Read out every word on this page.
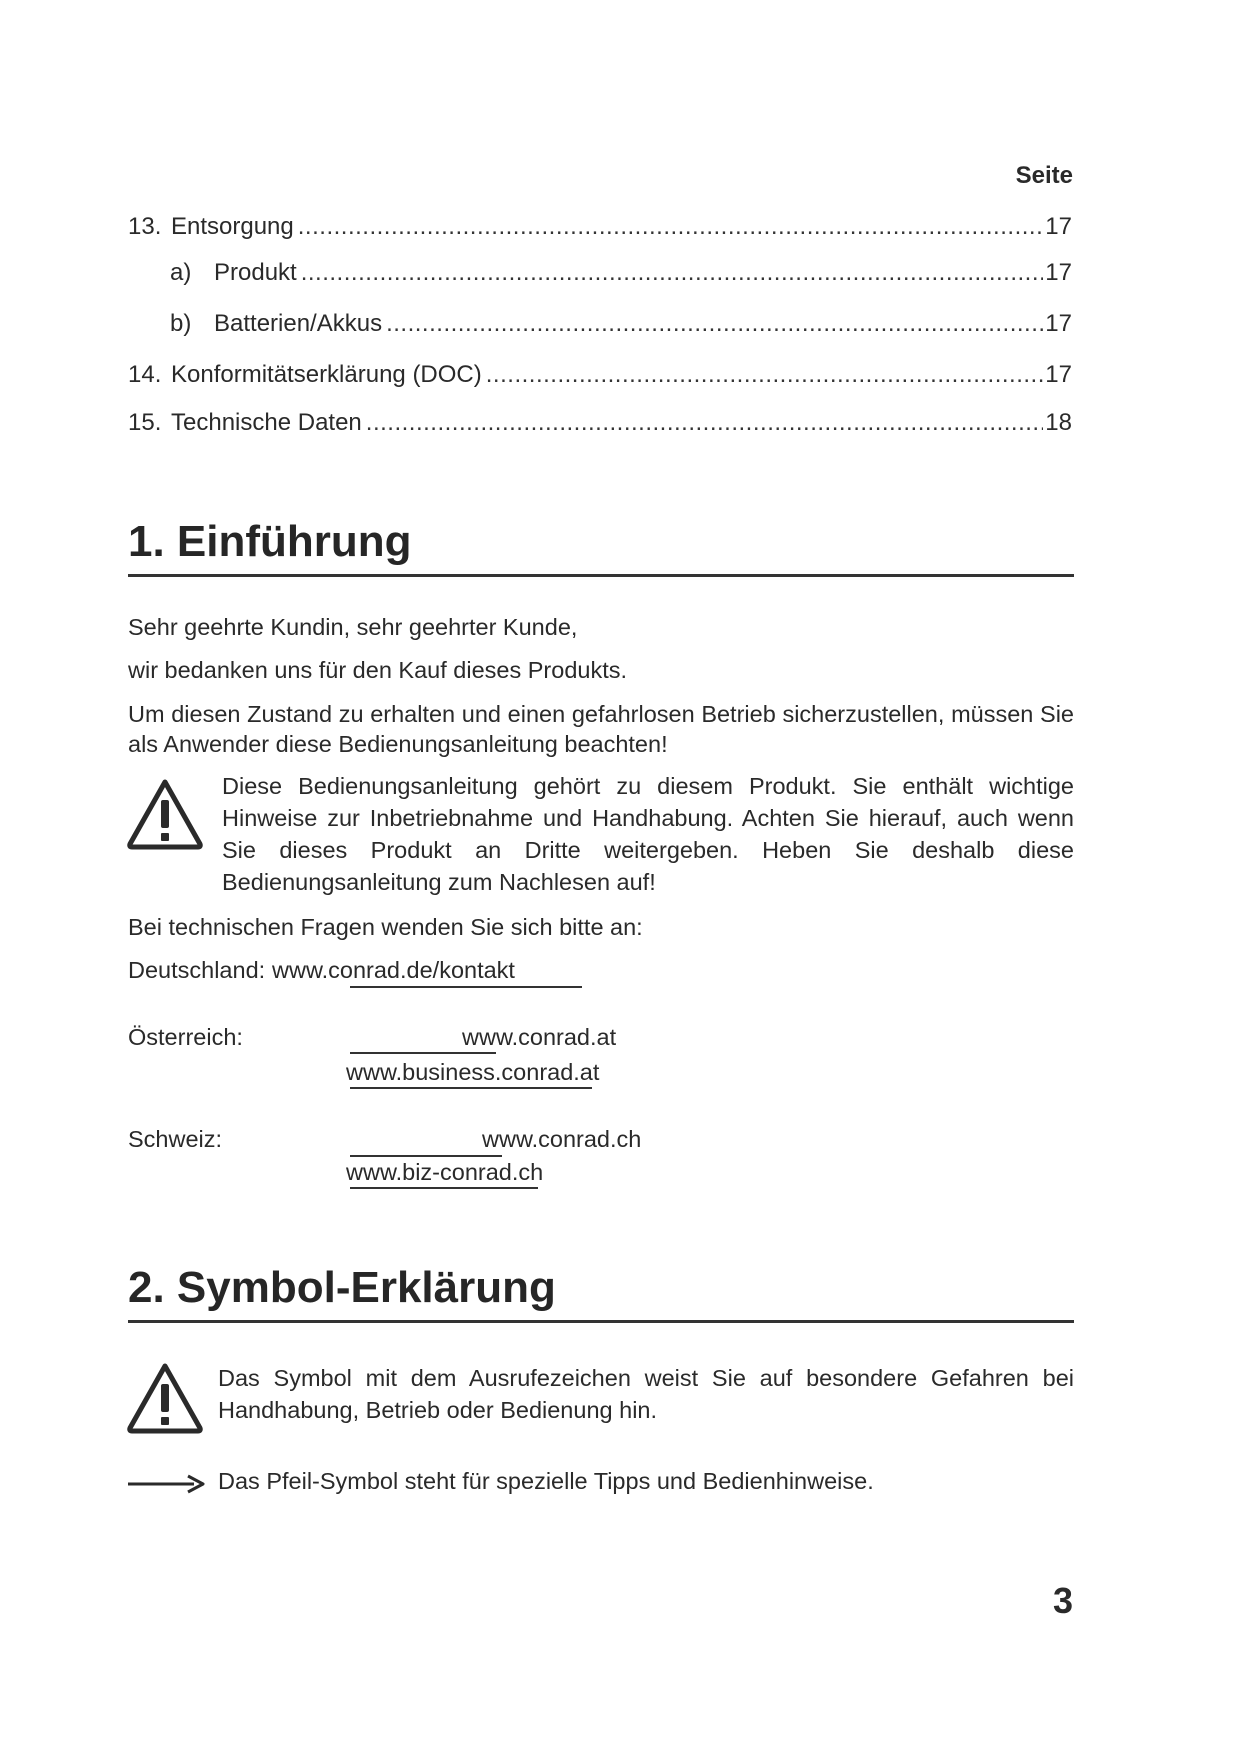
Seite
13. Entsorgung .....	17
a) Produkt .....	17
b) Batterien/Akkus .....	17
14. Konformitätserklärung (DOC) .....	17
15. Technische Daten .....	18
1. Einführung
Sehr geehrte Kundin, sehr geehrter Kunde,
wir bedanken uns für den Kauf dieses Produkts.
Um diesen Zustand zu erhalten und einen gefahrlosen Betrieb sicherzustellen, müssen Sie als Anwender diese Bedienungsanleitung beachten!
Diese Bedienungsanleitung gehört zu diesem Produkt. Sie enthält wichtige Hinweise zur Inbetriebnahme und Handhabung. Achten Sie hierauf, auch wenn Sie dieses Produkt an Dritte weitergeben. Heben Sie deshalb diese Bedienungsanleitung zum Nachlesen auf!
Bei technischen Fragen wenden Sie sich bitte an:
Deutschland: www.conrad.de/kontakt
Österreich:	www.conrad.at
www.business.conrad.at
Schweiz:	www.conrad.ch
www.biz-conrad.ch
2. Symbol-Erklärung
Das Symbol mit dem Ausrufezeichen weist Sie auf besondere Gefahren bei Handhabung, Betrieb oder Bedienung hin.
Das Pfeil-Symbol steht für spezielle Tipps und Bedienhinweise.
3
